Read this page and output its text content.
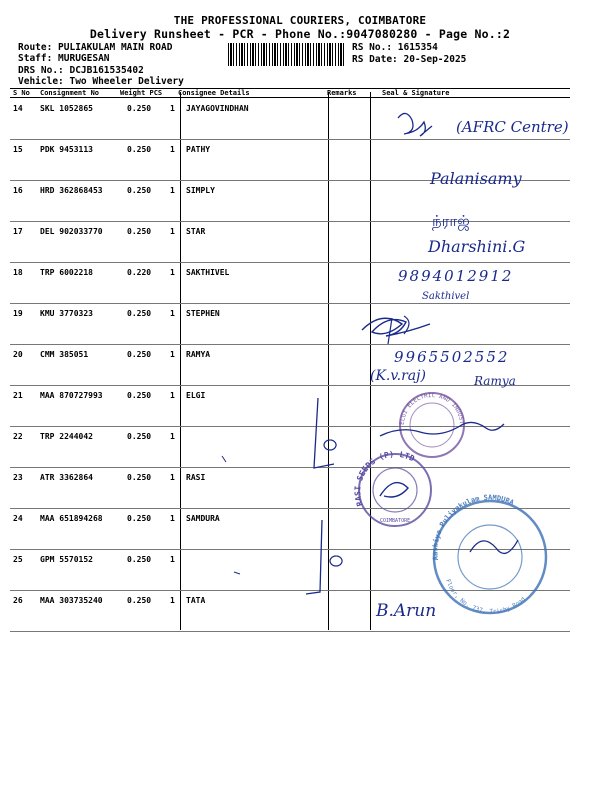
THE PROFESSIONAL COURIERS, COIMBATORE
Delivery Runsheet - PCR - Phone No.:9047080280 - Page No.:2
Route: PULIAKULAM MAIN ROAD
Staff: MURUGESAN
DRS No.: DCJB161535402
Vehicle: Two Wheeler Delivery
RS No.: 1615354
RS Date: 20-Sep-2025
S No Consignment No	Weight PCS Consignee Details	Remarks	Seal & Signature
14 SKL 1052865	0.250 1 JAYAGOVINDHAN
15 PDK 9453113	0.250 1 PATHY
16 HRD 362868453	0.250 1 SIMPLY
17 DEL 902033770	0.250 1 STAR
18 TRP 6002218	0.220 1 SAKTHIVEL
19 KMU 3770323	0.250 1 STEPHEN
20 CMM 385051	0.250 1 RAMYA
21 MAA 870727993	0.250 1 ELGI
22 TRP 2244042	0.250 1
23 ATR 3362864	0.250 1 RASI
24 MAA 651894268	0.250 1 SAMDURA
25 GPM 5570152	0.250 1
26 MAA 303735240	0.250 1 TATA
(AFRC Centre)
Palanisamy
ந்ராஜ்
Dharshini.G
9894012912
Sakthivel
9965502552
(K.v.raj)	Ramya
ELGI ELECTRIC AND INDUST
RASI SEEDS (P) LTD
COIMBATORE
Aashiya Puliyakulam SAMDURA
Floor, No. 737, Trichy Road
B.Arun
